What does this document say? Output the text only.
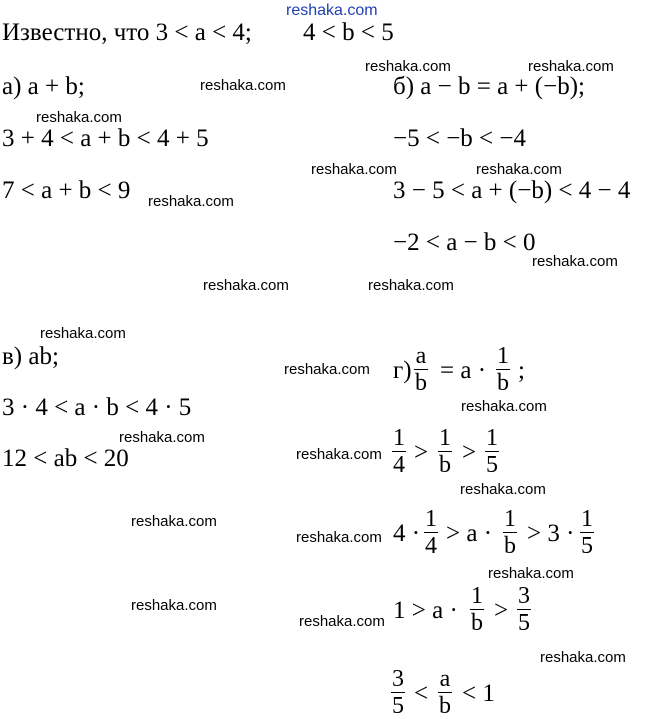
reshaka.com
Известно, что 3 < a < 4; 4 < b < 5
а) a + b;
3 + 4 < a + b < 4 + 5
7 < a + b < 9
б) a − b = a + (−b);
−5 < −b < −4
3 − 5 < a + (−b) < 4 − 4
−2 < a − b < 0
в) ab;
3 · 4 < a · b < 4 · 5
12 < ab < 20
$г) \frac{a}{b} = a \cdot \frac{1}{b}$ ;
$\frac{1}{4} > \frac{1}{b} > \frac{1}{5}$
$4 \cdot \frac{1}{4} > a \cdot \frac{1}{b} > 3 \cdot \frac{1}{5}$
$1 > a \cdot \frac{1}{b} > \frac{3}{5}$
$\frac{3}{5} < \frac{a}{b} < 1$
reshaka.com
reshaka.com	reshaka.com
reshaka.com
reshaka.com	reshaka.com
reshaka.com
reshaka.com
reshaka.com	reshaka.com
reshaka.com
reshaka.com
reshaka.com
reshaka.com
reshaka.com
reshaka.com
reshaka.com
reshaka.com
reshaka.com
reshaka.com
reshaka.com
reshaka.com
